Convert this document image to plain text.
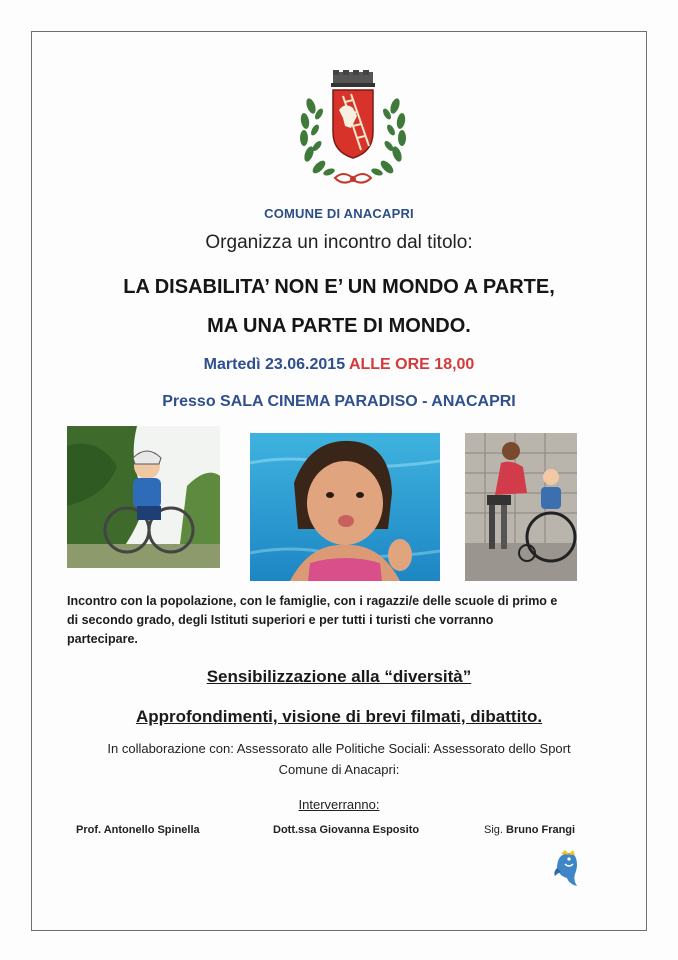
COMUNE DI ANACAPRI
Organizza un incontro dal titolo:
LA DISABILITA’ NON E’ UN MONDO A PARTE,
MA UNA PARTE DI MONDO.
Martedì 23.06.2015 ALLE ORE 18,00
Presso SALA CINEMA PARADISO - ANACAPRI
Incontro con la popolazione, con le famiglie, con i ragazzi/e delle scuole di primo e
di secondo grado, degli Istituti superiori e per tutti i turisti che vorranno
partecipare.
Sensibilizzazione alla “diversità”
Approfondimenti, visione di brevi filmati, dibattito.
In collaborazione con: Assessorato alle Politiche Sociali: Assessorato dello Sport
Comune di Anacapri:
Interverranno:
Prof. Antonello Spinella	Dott.ssa Giovanna Esposito	Sig. Bruno Frangi
